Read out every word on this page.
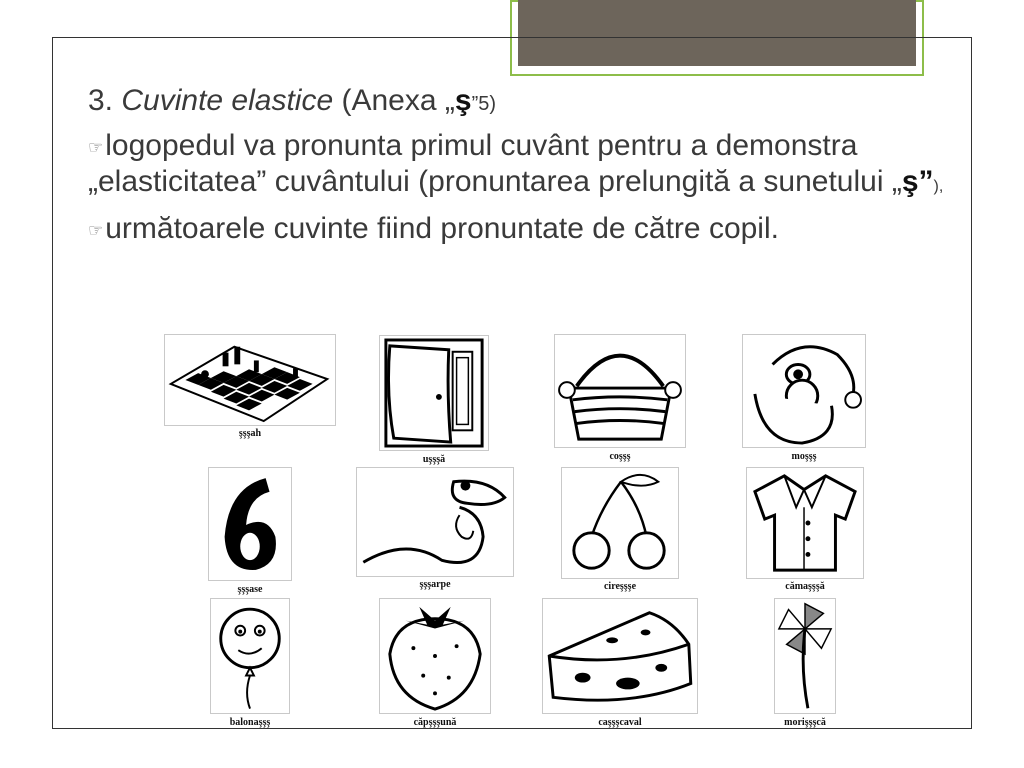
3. Cuvinte elastice (Anexa „ş”5)

☞logopedul va pronunta primul cuvânt pentru a demonstra „elasticitatea” cuvântului (pronuntarea prelungită a sunetului „ş”),

☞următoarele cuvinte fiind pronuntate de către copil.

şşşah
uşşşă	coşşş	moşşş
şşşase	şşşarpe	cireşşşe	cămaşşşă
balonaşşş	căpşşşună	caşşşcaval	morişşşcă
